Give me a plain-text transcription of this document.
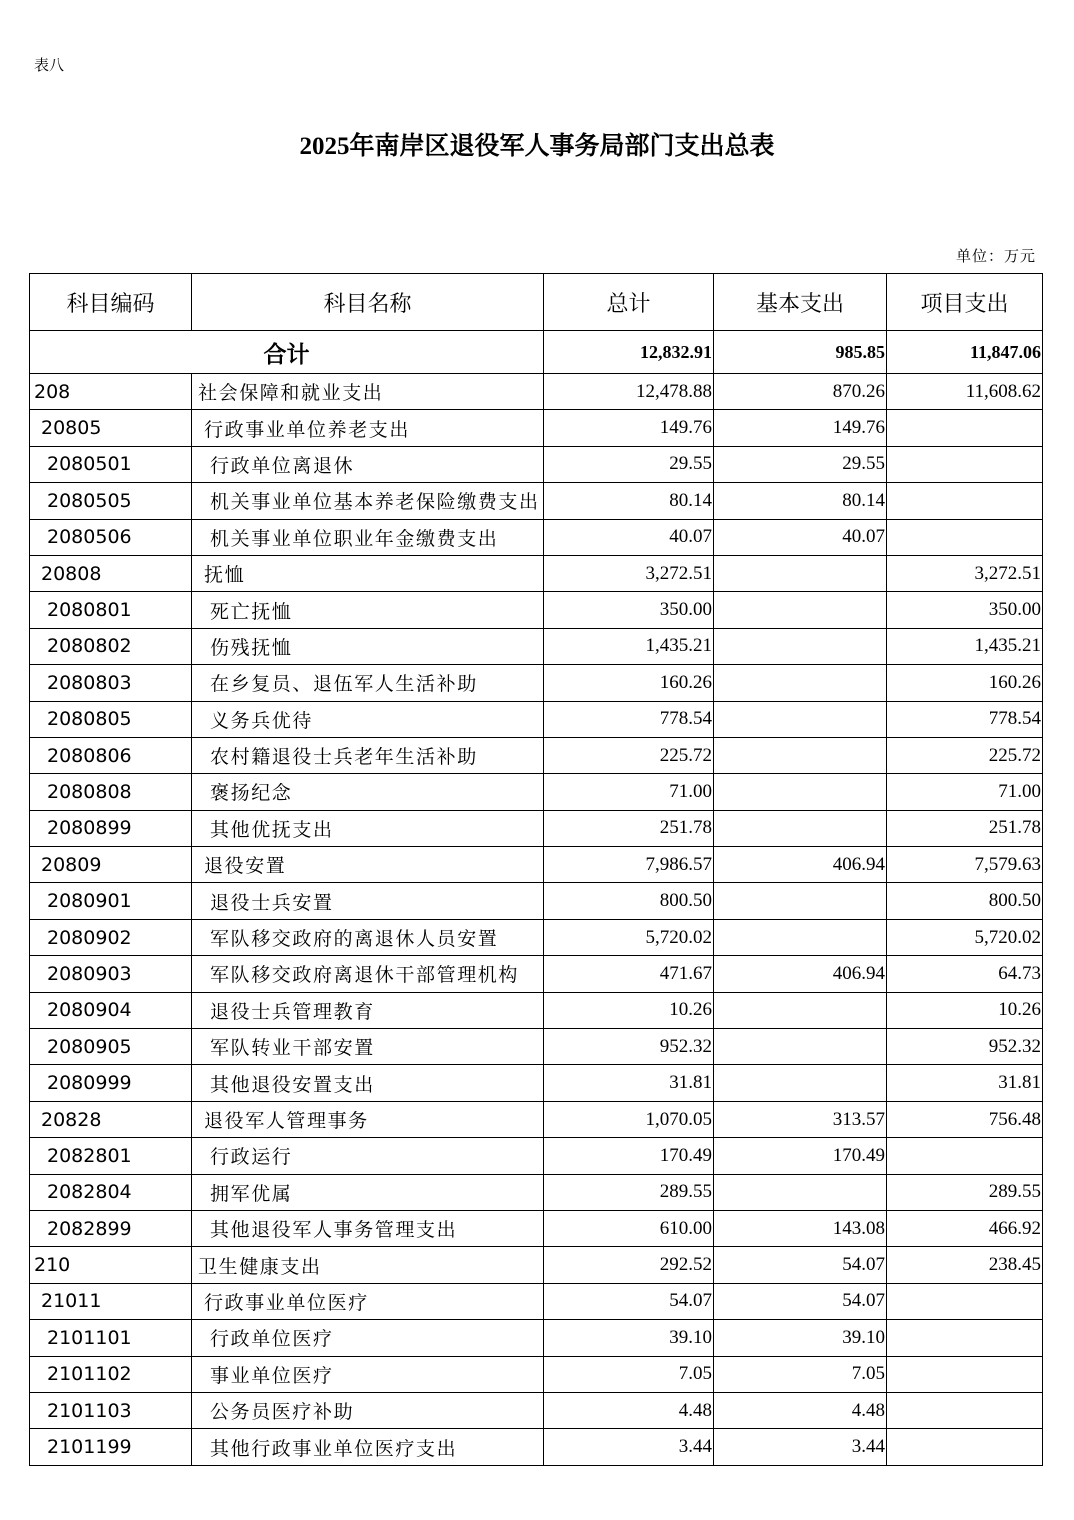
表八
2025年南岸区退役军人事务局部门支出总表
单位：万元
科目编码	科目名称	总计	基本支出	项目支出
合计		12,832.91	985.85	11,847.06
208	社会保障和就业支出	12,478.88	870.26	11,608.62
20805	行政事业单位养老支出	149.76	149.76	
2080501	行政单位离退休	29.55	29.55	
2080505	机关事业单位基本养老保险缴费支出	80.14	80.14	
2080506	机关事业单位职业年金缴费支出	40.07	40.07	
20808	抚恤	3,272.51		3,272.51
2080801	死亡抚恤	350.00		350.00
2080802	伤残抚恤	1,435.21		1,435.21
2080803	在乡复员、退伍军人生活补助	160.26		160.26
2080805	义务兵优待	778.54		778.54
2080806	农村籍退役士兵老年生活补助	225.72		225.72
2080808	褒扬纪念	71.00		71.00
2080899	其他优抚支出	251.78		251.78
20809	退役安置	7,986.57	406.94	7,579.63
2080901	退役士兵安置	800.50		800.50
2080902	军队移交政府的离退休人员安置	5,720.02		5,720.02
2080903	军队移交政府离退休干部管理机构	471.67	406.94	64.73
2080904	退役士兵管理教育	10.26		10.26
2080905	军队转业干部安置	952.32		952.32
2080999	其他退役安置支出	31.81		31.81
20828	退役军人管理事务	1,070.05	313.57	756.48
2082801	行政运行	170.49	170.49	
2082804	拥军优属	289.55		289.55
2082899	其他退役军人事务管理支出	610.00	143.08	466.92
210	卫生健康支出	292.52	54.07	238.45
21011	行政事业单位医疗	54.07	54.07	
2101101	行政单位医疗	39.10	39.10	
2101102	事业单位医疗	7.05	7.05	
2101103	公务员医疗补助	4.48	4.48	
2101199	其他行政事业单位医疗支出	3.44	3.44	
